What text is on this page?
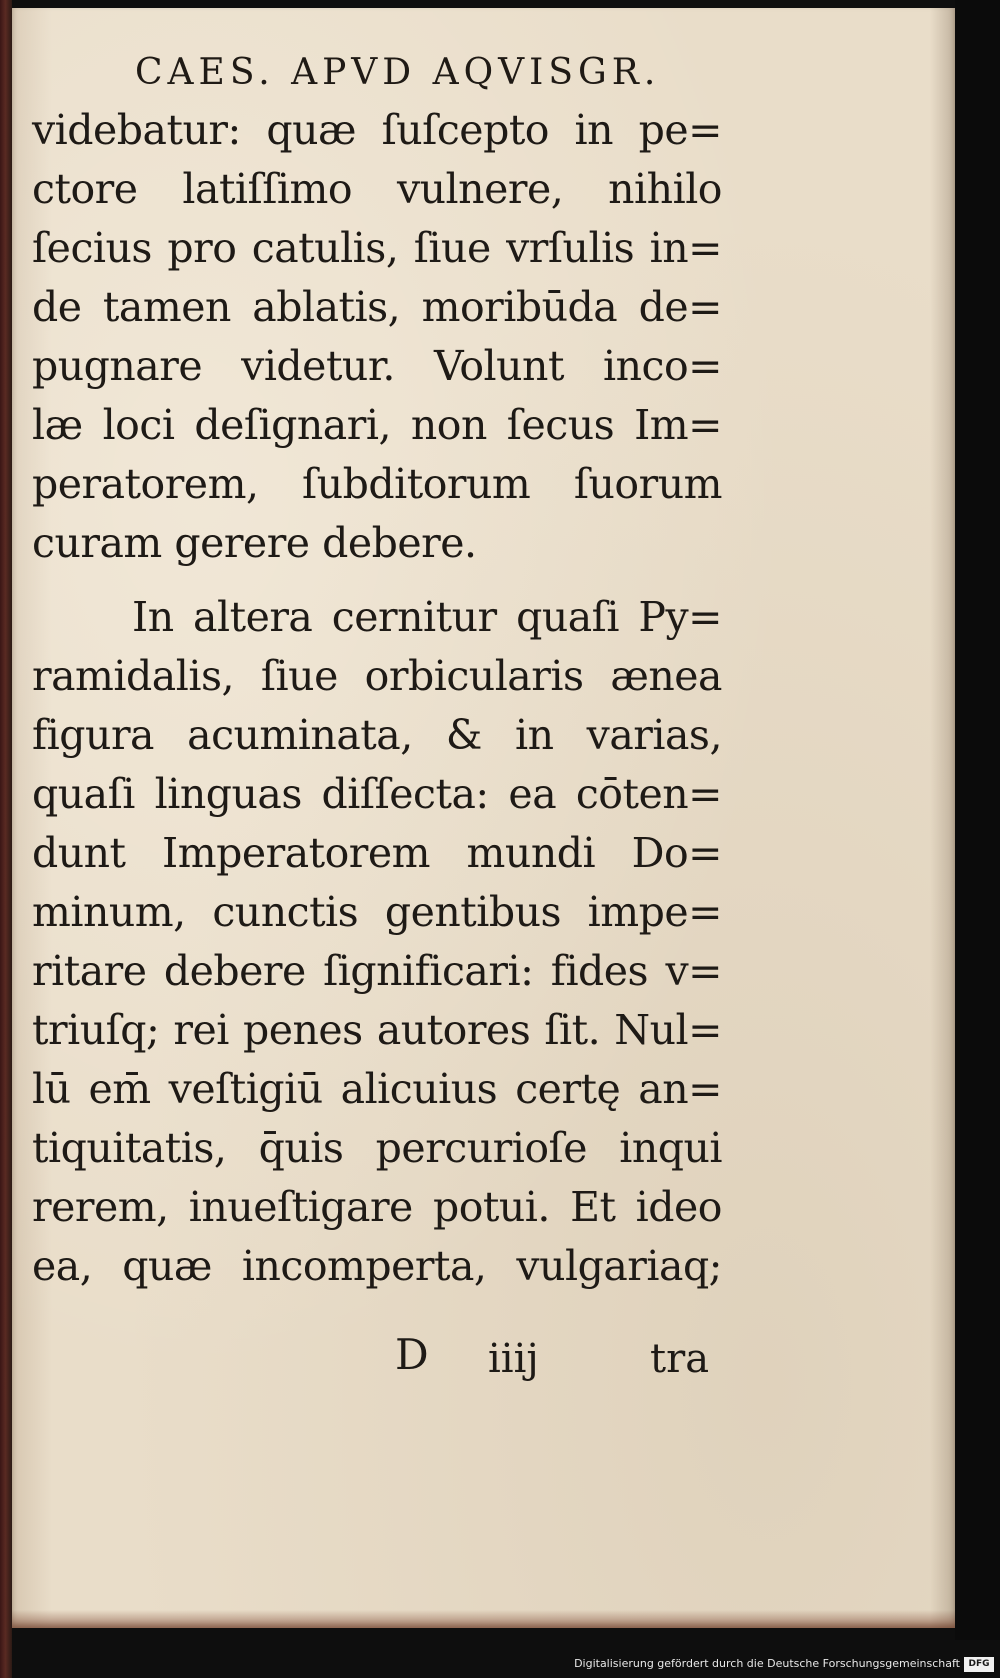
CAES. APVD AQVISGR.
videbatur: quæ ſuſcepto in pe=
ctore latiſſimo vulnere, nihilo
ſecius pro catulis, ſiue vrſulis in=
de tamen ablatis, moribūda de=
pugnare videtur. Volunt inco=
læ loci deſignari, non ſecus Im=
peratorem, ſubditorum ſuorum
curam gerere debere.
In altera cernitur quaſi Py=
ramidalis, ſiue orbicularis ænea
figura acuminata, & in varias,
quaſi linguas diſſecta: ea cōten=
dunt Imperatorem mundi Do=
minum, cunctis gentibus impe=
ritare debere ſignificari: fides v=
triuſq; rei penes autores ſit. Nul=
lū em̄ veſtigiū alicuius certę an=
tiquitatis, q̄uis percurioſe inqui
rerem, inueſtigare potui. Et ideo
ea, quæ incomperta, vulgariaq;
D iiij	tra
Digitalisierung gefördert durch die Deutsche Forschungsgemeinschaft DFG
